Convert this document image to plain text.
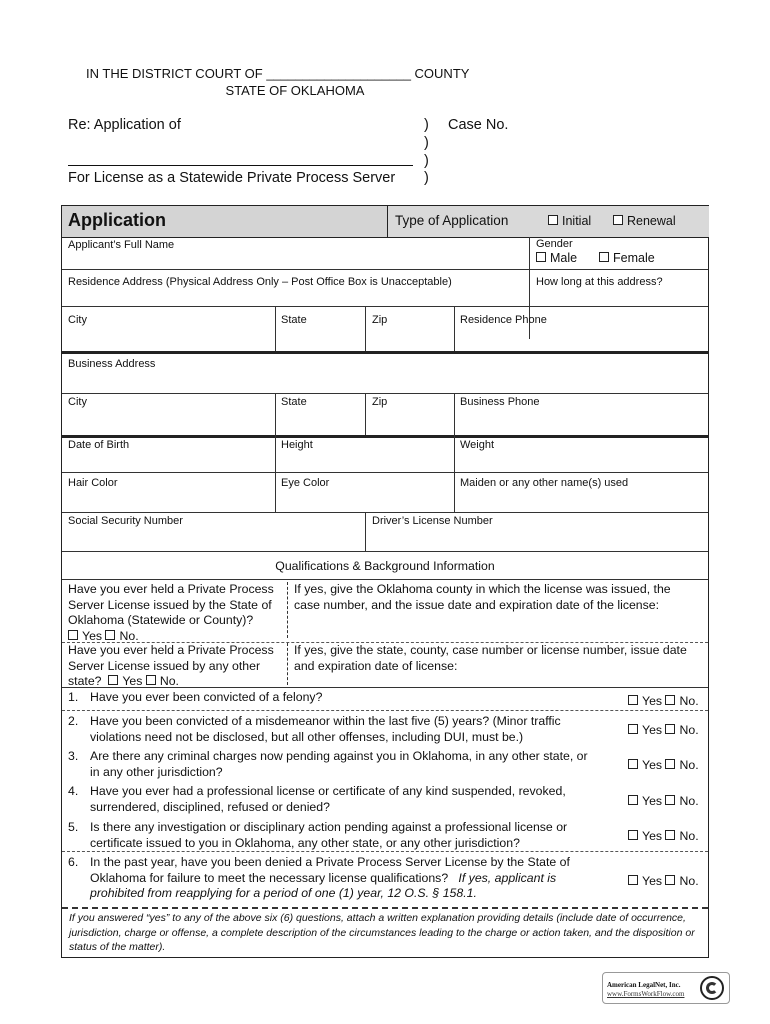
IN THE DISTRICT COURT OF ____________________ COUNTY
STATE OF OKLAHOMA
Re: Application of	Case No.
)
)
)
)
For License as a Statewide Private Process Server
Application	Type of Application	Initial	Renewal
Applicant’s Full Name	Gender
Male	Female
Residence Address (Physical Address Only – Post Office Box is Unacceptable)	How long at this address?
City	State	Zip	Residence Phone
Business Address
City	State	Zip	Business Phone
Date of Birth	Height	Weight
Hair Color	Eye Color	Maiden or any other name(s) used
Social Security Number	Driver’s License Number
Qualifications & Background Information
Have you ever held a Private Process
Server License issued by the State of
Oklahoma (Statewide or County)?
Yes No.
If yes, give the Oklahoma county in which the license was issued, the
case number, and the issue date and expiration date of the license:
Have you ever held a Private Process
Server License issued by any other
state? Yes No.
If yes, give the state, county, case number or license number, issue date
and expiration date of license:
1. Have you ever been convicted of a felony?	Yes No.
2. Have you been convicted of a misdemeanor within the last five (5) years? (Minor traffic
violations need not be disclosed, but all other offenses, including DUI, must be.)	Yes No.
3. Are there any criminal charges now pending against you in Oklahoma, in any other state, or
in any other jurisdiction?	Yes No.
4. Have you ever had a professional license or certificate of any kind suspended, revoked,
surrendered, disciplined, refused or denied?	Yes No.
5. Is there any investigation or disciplinary action pending against a professional license or
certificate issued to you in Oklahoma, any other state, or any other jurisdiction?	Yes No.
6. In the past year, have you been denied a Private Process Server License by the State of
Oklahoma for failure to meet the necessary license qualifications? If yes, applicant is
prohibited from reapplying for a period of one (1) year, 12 O.S. § 158.1.
Yes No.
If you answered “yes” to any of the above six (6) questions, attach a written explanation providing details (include date of occurrence, jurisdiction, charge or offense, a complete description of the circumstances leading to the charge or action taken, and the disposition or status of the matter).
American LegalNet, Inc.
www.FormsWorkFlow.com
